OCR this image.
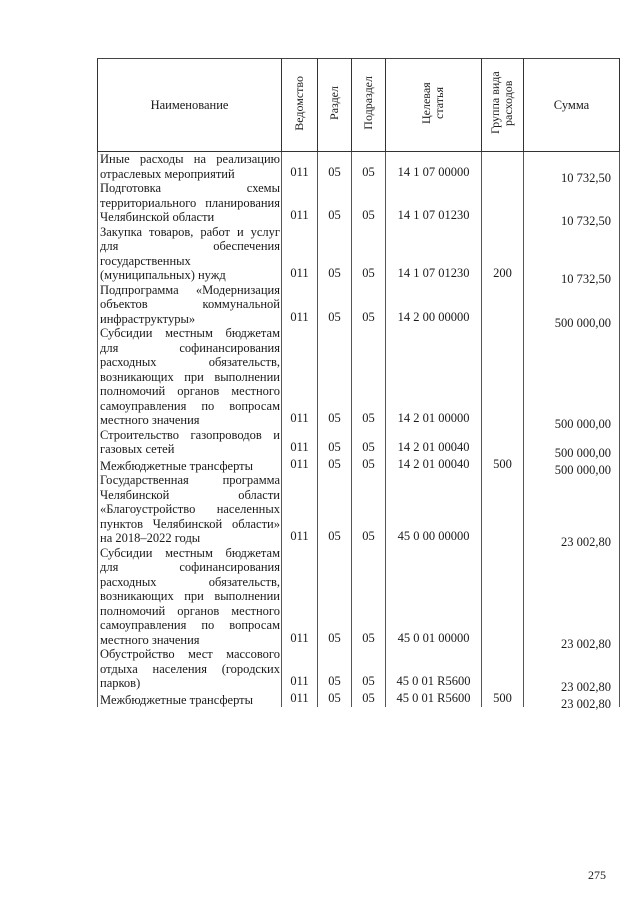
Наименование	Ведомство	Раздел	Подраздел	Целевая статья	Группа вида расходов	Сумма
Иные расходы на реализацию отраслевых мероприятий	011	05	05	14 1 07 00000		10 732,50
Подготовка схемы территориального планирования Челябинской области	011	05	05	14 1 07 01230		10 732,50
Закупка товаров, работ и услуг для обеспечения государственных (муниципальных) нужд	011	05	05	14 1 07 01230	200	10 732,50
Подпрограмма «Модернизация объектов коммунальной инфраструктуры»	011	05	05	14 2 00 00000		500 000,00
Субсидии местным бюджетам для софинансирования расходных обязательств, возникающих при выполнении полномочий органов местного самоуправления по вопросам местного значения	011	05	05	14 2 01 00000		500 000,00
Строительство газопроводов и газовых сетей	011	05	05	14 2 01 00040		500 000,00
Межбюджетные трансферты	011	05	05	14 2 01 00040	500	500 000,00
Государственная программа Челябинской области «Благоустройство населенных пунктов Челябинской области» на 2018–2022 годы	011	05	05	45 0 00 00000		23 002,80
Субсидии местным бюджетам для софинансирования расходных обязательств, возникающих при выполнении полномочий органов местного самоуправления по вопросам местного значения	011	05	05	45 0 01 00000		23 002,80
Обустройство мест массового отдыха населения (городских парков)	011	05	05	45 0 01 R5600		23 002,80
Межбюджетные трансферты	011	05	05	45 0 01 R5600	500	23 002,80
275
